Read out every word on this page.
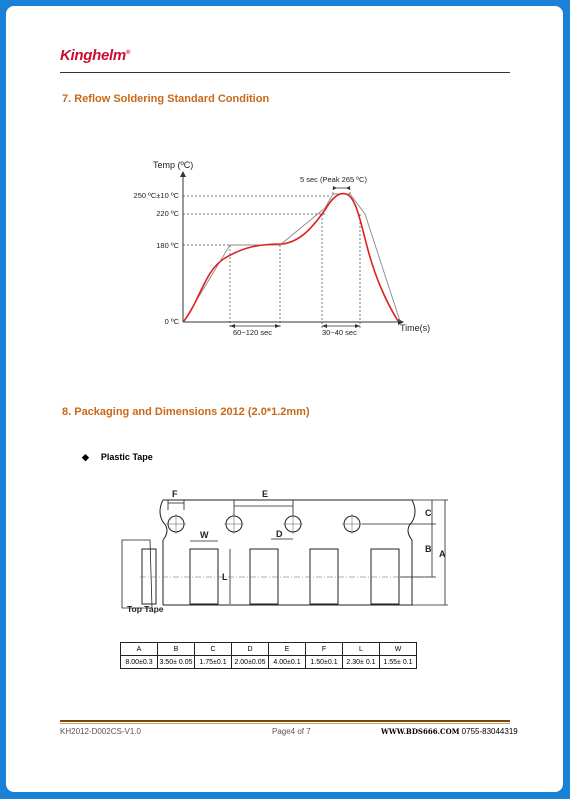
Kinghelm®
7. Reflow Soldering Standard Condition
Temp (ºC)
Time(s)
250 ºC±10 ºC
220 ºC
180 ºC
0 ºC
5 sec (Peak 265 ºC)
60~120 sec	30~40 sec
8. Packaging and Dimensions 2012 (2.0*1.2mm)
◆ Plastic Tape
Top Tape
F	E
W	D
L
C
B A
A	B	C	D	E	F	L	W
8.00±0.3	3.50± 0.05	1.75±0.1	2.00±0.05	4.00±0.1	1.50±0.1	2.30± 0.1	1.55± 0.1
KH2012-D002CS-V1.0	Page4 of 7	WWW.BDS666.COM 0755-83044319
